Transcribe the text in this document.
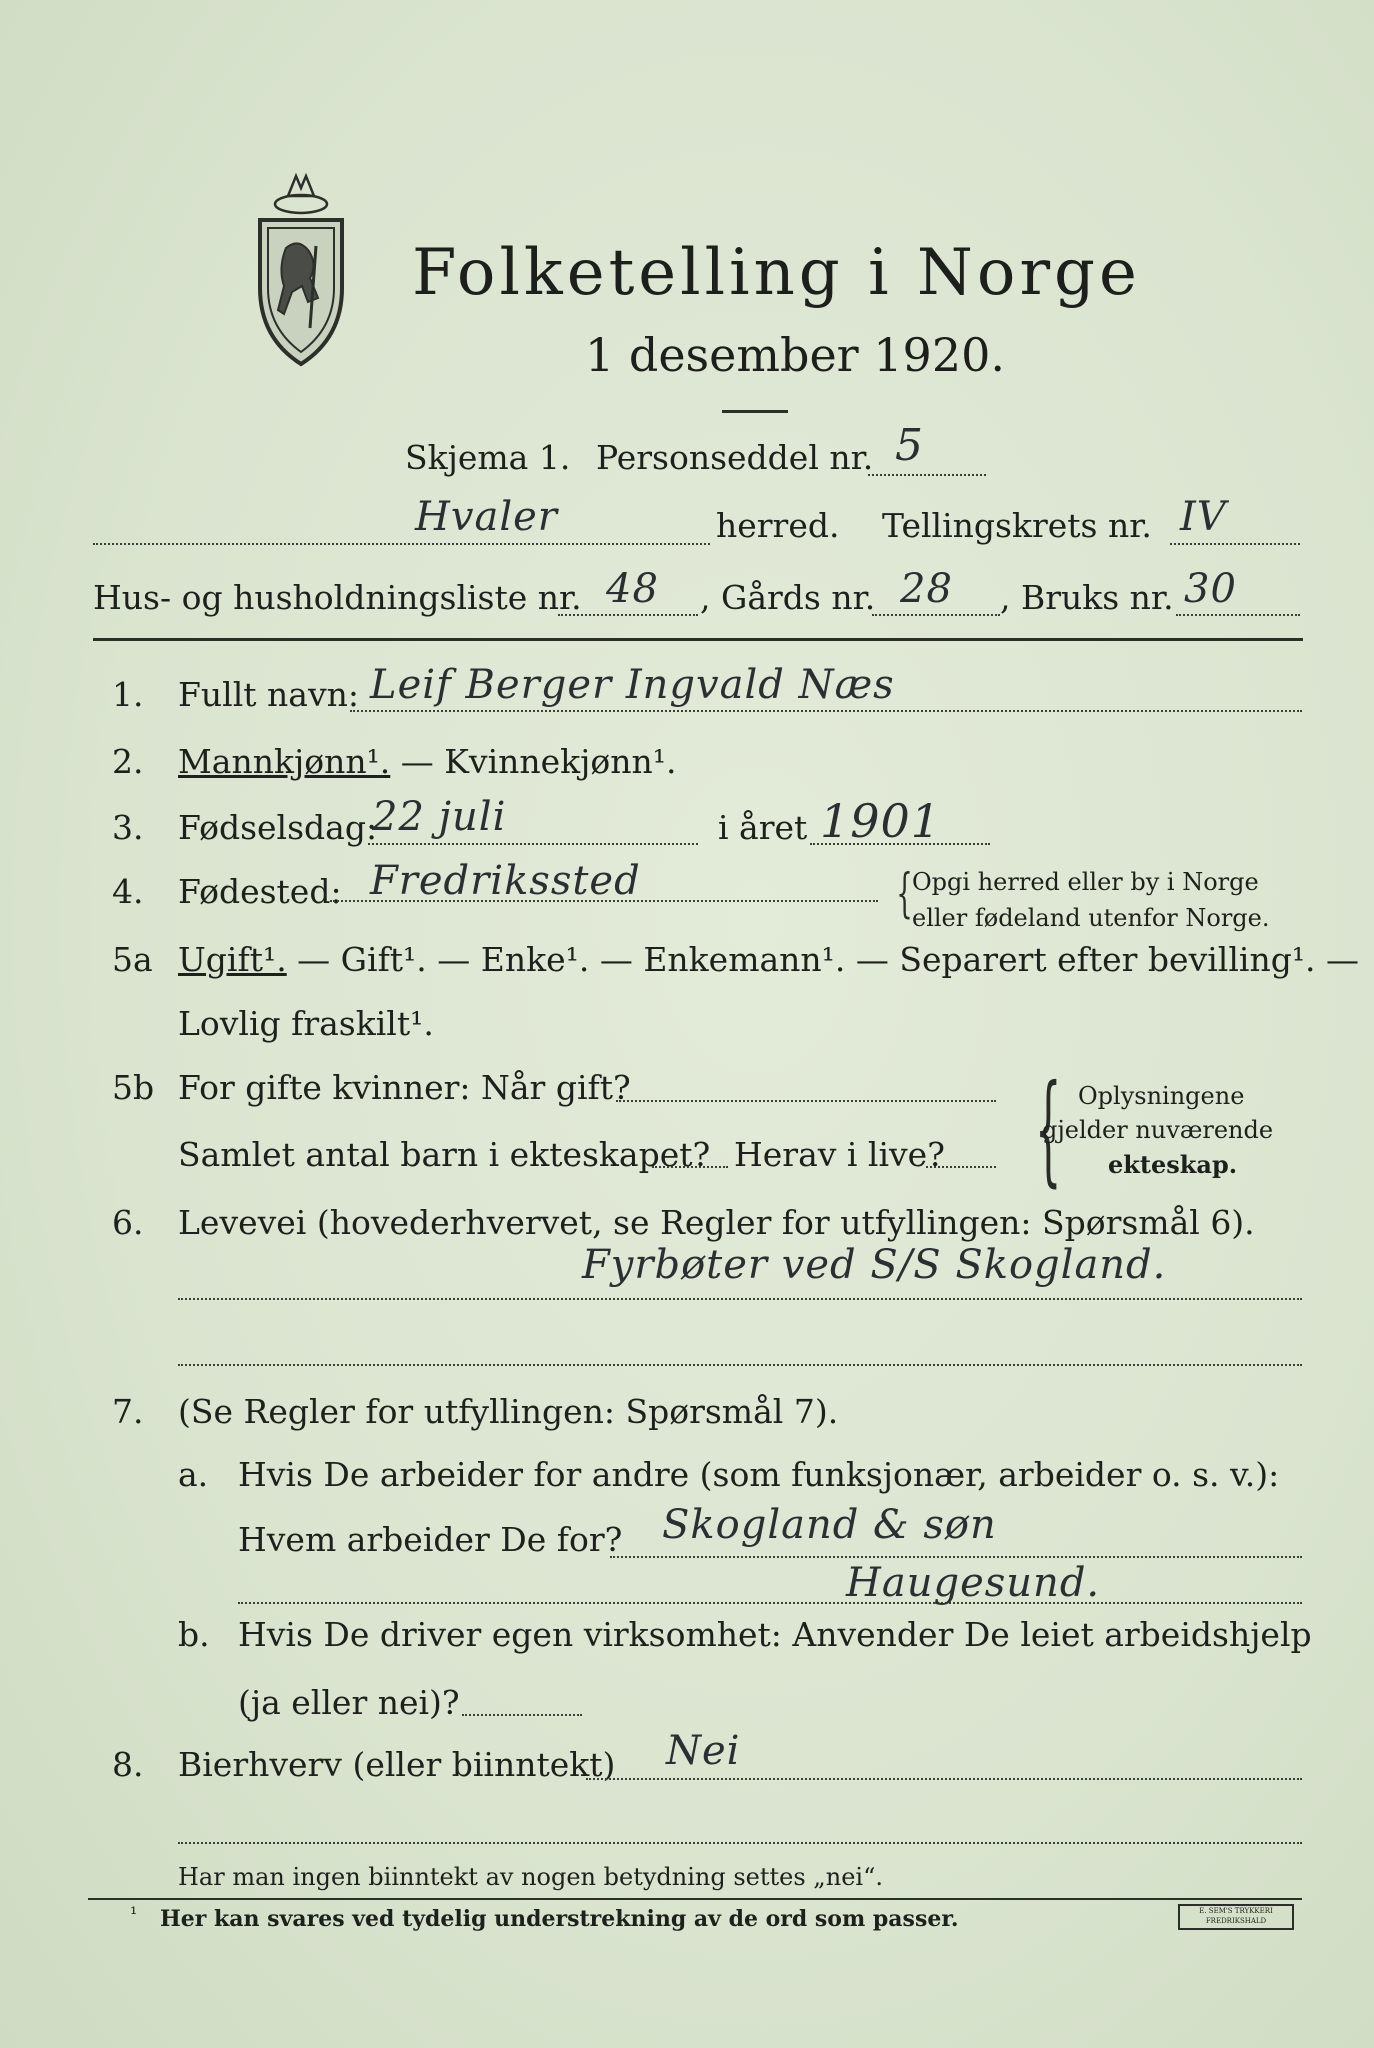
Folketelling i Norge
1 desember 1920.
Skjema 1. Personseddel nr. 5
Hvaler	herred. Tellingskrets nr. IV
Hus- og husholdningsliste nr. 48 , Gårds nr. 28 , Bruks nr. 30
1. Fullt navn: Leif Berger Ingvald Næs
2. Mannkjønn¹. — Kvinnekjønn¹.
3. Fødselsdag:
22 juli	i året 1901
4. Fødested: Fredrikssted	{ Opgi herred eller by i Norge
eller fødeland utenfor Norge.
5a Ugift¹. — Gift¹. — Enke¹. — Enkemann¹. — Separert efter bevilling¹. —
Lovlig fraskilt¹.
5b For gifte kvinner: Når gift?
Samlet antal barn i ekteskapet? Herav i live? { Oplysningene
gjelder nuværende
ekteskap.
6. Levevei (hovederhvervet, se Regler for utfyllingen: Spørsmål 6).
Fyrbøter ved S/S Skogland.
7. (Se Regler for utfyllingen: Spørsmål 7).
a. Hvis De arbeider for andre (som funksjonær, arbeider o. s. v.):
Hvem arbeider De for? Skogland & søn
Haugesund.
b. Hvis De driver egen virksomhet: Anvender De leiet arbeidshjelp
(ja eller nei)?
8. Bierhverv (eller biinntekt) Nei
Har man ingen biinntekt av nogen betydning settes „nei“.
¹ Her kan svares ved tydelig understrekning av de ord som passer.	E. SEM'S TRYKKERI FREDRIKSHALD
